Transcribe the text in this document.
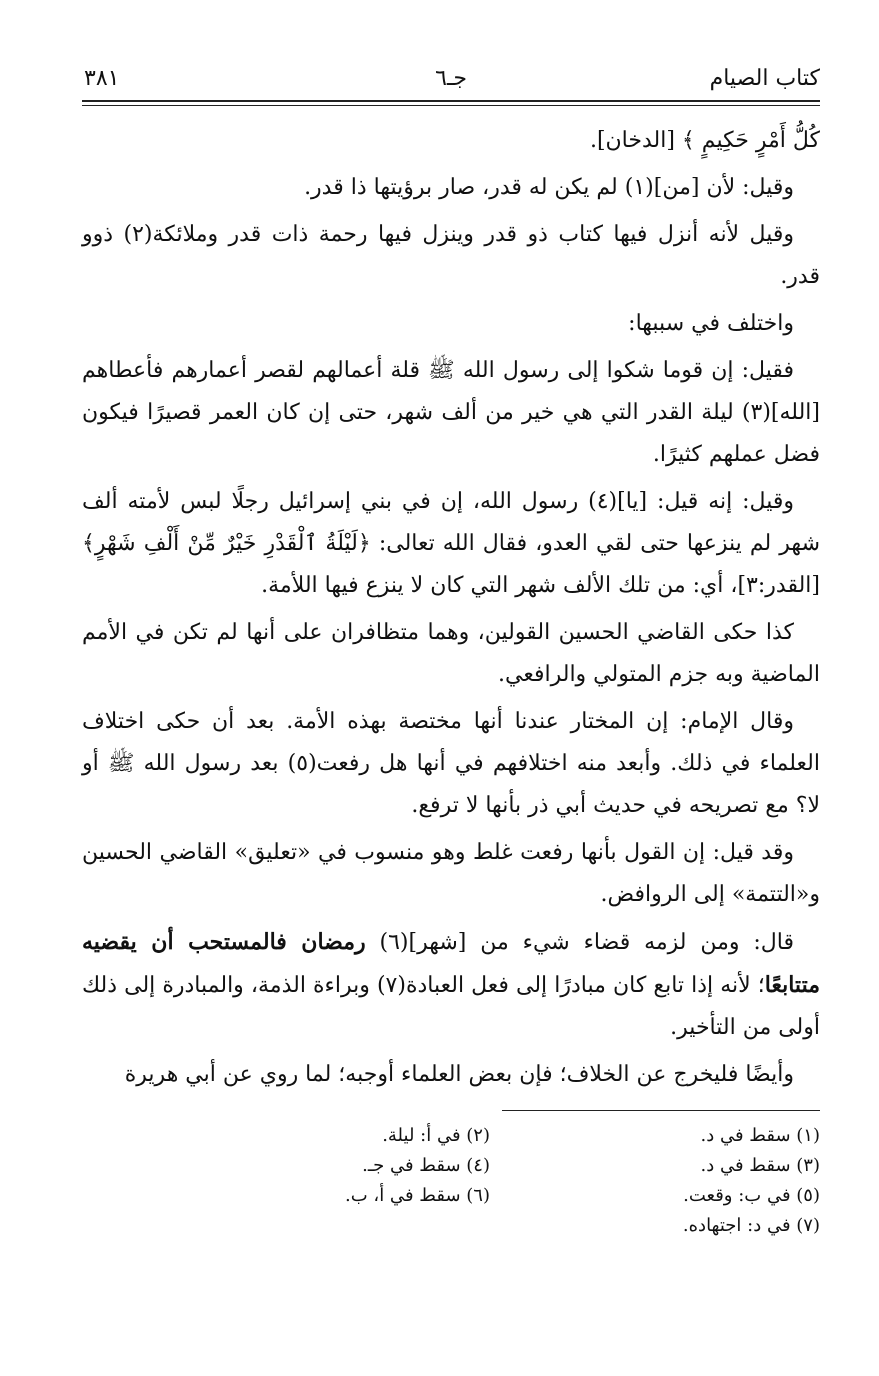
كتاب الصيام
جـ٦
٣٨١

كُلُّ أَمْرٍ حَكِيمٍ ﴾ [الدخان].

وقيل: لأن [من](١) لم يكن له قدر، صار برؤيتها ذا قدر.

وقيل لأنه أنزل فيها كتاب ذو قدر وينزل فيها رحمة ذات قدر وملائكة(٢) ذوو قدر.

واختلف في سببها:

فقيل: إن قوما شكوا إلى رسول الله ﷺ قلة أعمالهم لقصر أعمارهم فأعطاهم [الله](٣) ليلة القدر التي هي خير من ألف شهر، حتى إن كان العمر قصيرًا فيكون فضل عملهم كثيرًا.

وقيل: إنه قيل: [يا](٤) رسول الله، إن في بني إسرائيل رجلًا لبس لأمته ألف شهر لم ينزعها حتى لقي العدو، فقال الله تعالى: ﴿لَيْلَةُ ٱلْقَدْرِ خَيْرٌ مِّنْ أَلْفِ شَهْرٍ﴾ [القدر:٣]، أي: من تلك الألف شهر التي كان لا ينزع فيها اللأمة.

كذا حكى القاضي الحسين القولين، وهما متظافران على أنها لم تكن في الأمم الماضية وبه جزم المتولي والرافعي.

وقال الإمام: إن المختار عندنا أنها مختصة بهذه الأمة. بعد أن حكى اختلاف العلماء في ذلك. وأبعد منه اختلافهم في أنها هل رفعت(٥) بعد رسول الله ﷺ أو لا؟ مع تصريحه في حديث أبي ذر بأنها لا ترفع.

وقد قيل: إن القول بأنها رفعت غلط وهو منسوب في «تعليق» القاضي الحسين و«التتمة» إلى الروافض.

قال: ومن لزمه قضاء شيء من [شهر](٦) رمضان فالمستحب أن يقضيه متتابعًا؛ لأنه إذا تابع كان مبادرًا إلى فعل العبادة(٧) وبراءة الذمة، والمبادرة إلى ذلك أولى من التأخير.

وأيضًا فليخرج عن الخلاف؛ فإن بعض العلماء أوجبه؛ لما روي عن أبي هريرة

(١) سقط في د.
(٢) في أ: ليلة.
(٣) سقط في د.
(٤) سقط في جـ.
(٥) في ب: وقعت.
(٦) سقط في أ، ب.
(٧) في د: اجتهاده.
